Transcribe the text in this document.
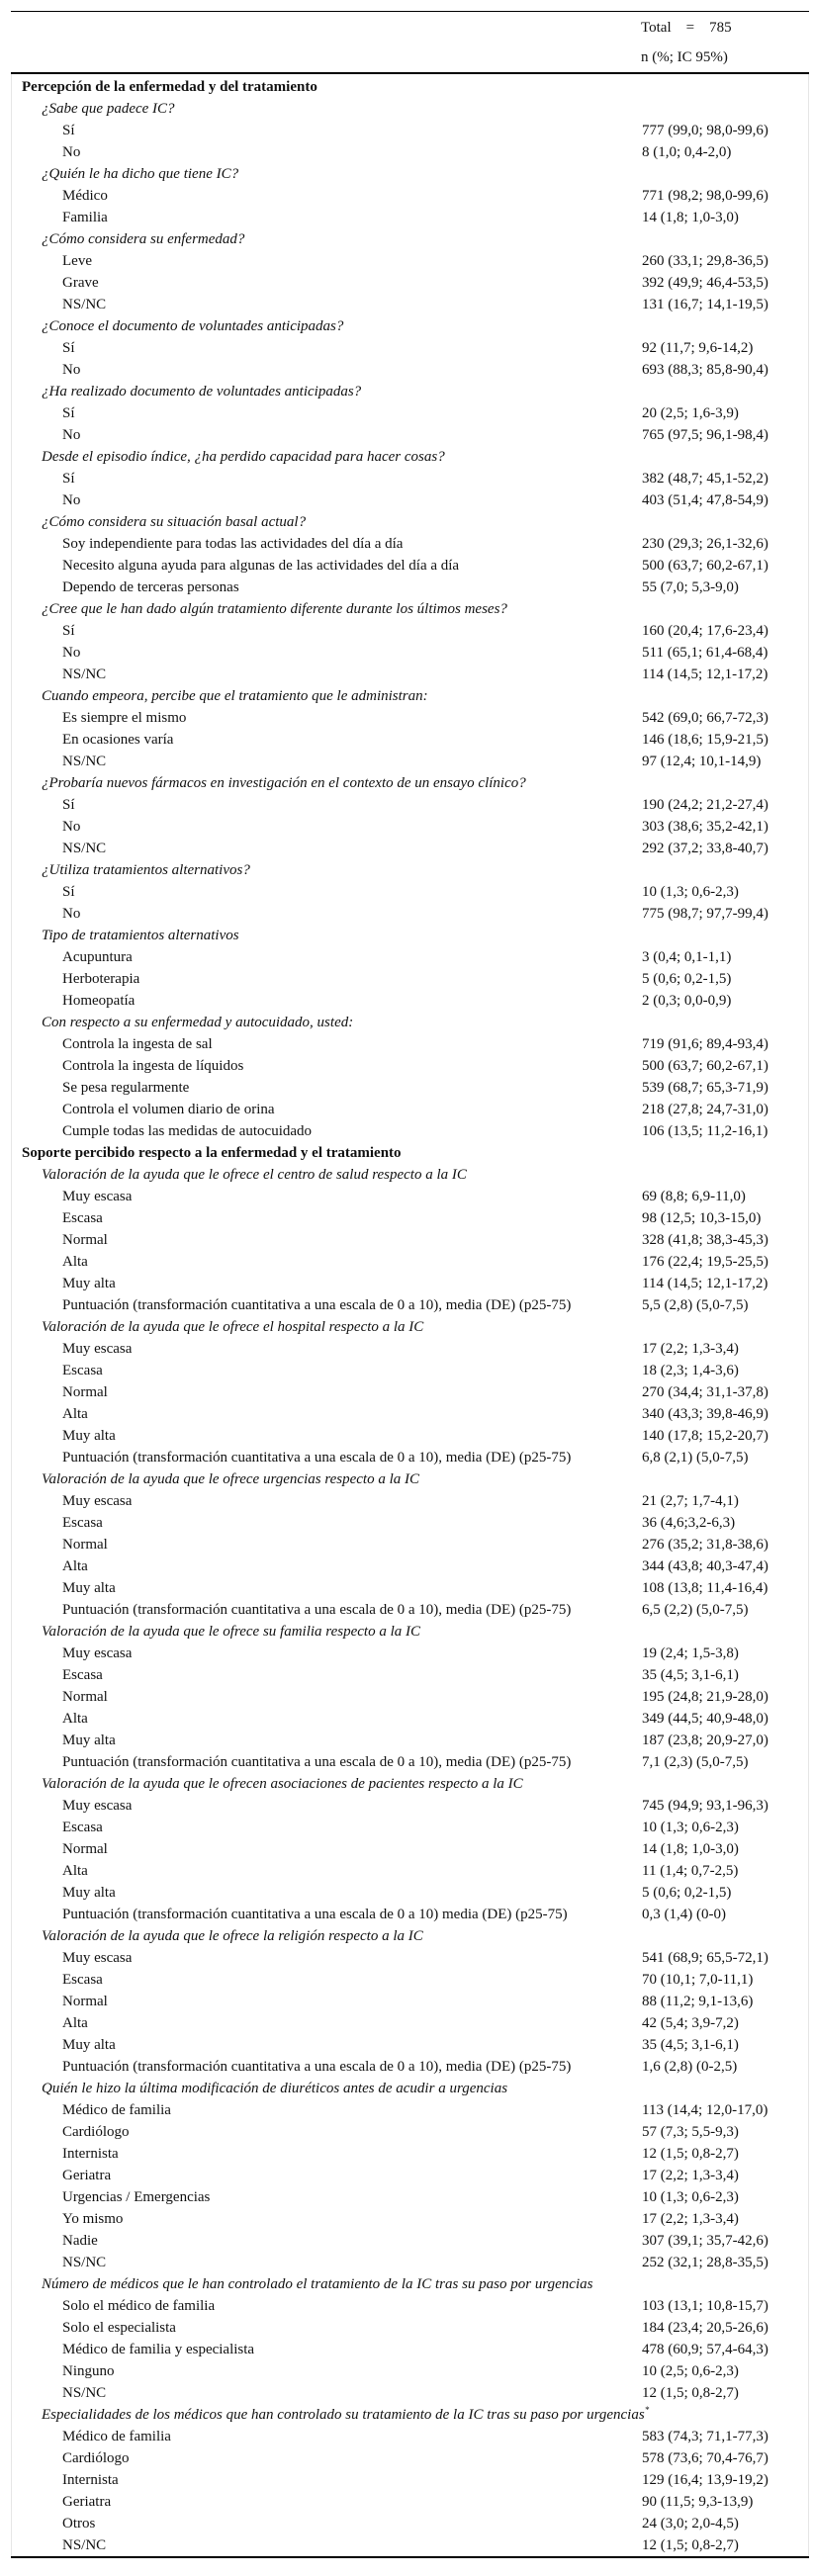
Total    =    785
n (%; IC 95%)
Percepción de la enfermedad y del tratamiento
¿Sabe que padece IC?
Sí	777 (99,0; 98,0-99,6)
No	8 (1,0; 0,4-2,0)
¿Quién le ha dicho que tiene IC?
Médico	771 (98,2; 98,0-99,6)
Familia	14 (1,8; 1,0-3,0)
¿Cómo considera su enfermedad?
Leve	260 (33,1; 29,8-36,5)
Grave	392 (49,9; 46,4-53,5)
NS/NC	131 (16,7; 14,1-19,5)
¿Conoce el documento de voluntades anticipadas?
Sí	92 (11,7; 9,6-14,2)
No	693 (88,3; 85,8-90,4)
¿Ha realizado documento de voluntades anticipadas?
Sí	20 (2,5; 1,6-3,9)
No	765 (97,5; 96,1-98,4)
Desde el episodio índice, ¿ha perdido capacidad para hacer cosas?
Sí	382 (48,7; 45,1-52,2)
No	403 (51,4; 47,8-54,9)
¿Cómo considera su situación basal actual?
Soy independiente para todas las actividades del día a día	230 (29,3; 26,1-32,6)
Necesito alguna ayuda para algunas de las actividades del día a día	500 (63,7; 60,2-67,1)
Dependo de terceras personas	55 (7,0; 5,3-9,0)
¿Cree que le han dado algún tratamiento diferente durante los últimos meses?
Sí	160 (20,4; 17,6-23,4)
No	511 (65,1; 61,4-68,4)
NS/NC	114 (14,5; 12,1-17,2)
Cuando empeora, percibe que el tratamiento que le administran:
Es siempre el mismo	542 (69,0; 66,7-72,3)
En ocasiones varía	146 (18,6; 15,9-21,5)
NS/NC	97 (12,4; 10,1-14,9)
¿Probaría nuevos fármacos en investigación en el contexto de un ensayo clínico?
Sí	190 (24,2; 21,2-27,4)
No	303 (38,6; 35,2-42,1)
NS/NC	292 (37,2; 33,8-40,7)
¿Utiliza tratamientos alternativos?
Sí	10 (1,3; 0,6-2,3)
No	775 (98,7; 97,7-99,4)
Tipo de tratamientos alternativos
Acupuntura	3 (0,4; 0,1-1,1)
Herboterapia	5 (0,6; 0,2-1,5)
Homeopatía	2 (0,3; 0,0-0,9)
Con respecto a su enfermedad y autocuidado, usted:
Controla la ingesta de sal	719 (91,6; 89,4-93,4)
Controla la ingesta de líquidos	500 (63,7; 60,2-67,1)
Se pesa regularmente	539 (68,7; 65,3-71,9)
Controla el volumen diario de orina	218 (27,8; 24,7-31,0)
Cumple todas las medidas de autocuidado	106 (13,5; 11,2-16,1)
Soporte percibido respecto a la enfermedad y el tratamiento
Valoración de la ayuda que le ofrece el centro de salud respecto a la IC
Muy escasa	69 (8,8; 6,9-11,0)
Escasa	98 (12,5; 10,3-15,0)
Normal	328 (41,8; 38,3-45,3)
Alta	176 (22,4; 19,5-25,5)
Muy alta	114 (14,5; 12,1-17,2)
Puntuación (transformación cuantitativa a una escala de 0 a 10), media (DE) (p25-75)	5,5 (2,8) (5,0-7,5)
Valoración de la ayuda que le ofrece el hospital respecto a la IC
Muy escasa	17 (2,2; 1,3-3,4)
Escasa	18 (2,3; 1,4-3,6)
Normal	270 (34,4; 31,1-37,8)
Alta	340 (43,3; 39,8-46,9)
Muy alta	140 (17,8; 15,2-20,7)
Puntuación (transformación cuantitativa a una escala de 0 a 10), media (DE) (p25-75)	6,8 (2,1) (5,0-7,5)
Valoración de la ayuda que le ofrece urgencias respecto a la IC
Muy escasa	21 (2,7; 1,7-4,1)
Escasa	36 (4,6;3,2-6,3)
Normal	276 (35,2; 31,8-38,6)
Alta	344 (43,8; 40,3-47,4)
Muy alta	108 (13,8; 11,4-16,4)
Puntuación (transformación cuantitativa a una escala de 0 a 10), media (DE) (p25-75)	6,5 (2,2) (5,0-7,5)
Valoración de la ayuda que le ofrece su familia respecto a la IC
Muy escasa	19 (2,4; 1,5-3,8)
Escasa	35 (4,5; 3,1-6,1)
Normal	195 (24,8; 21,9-28,0)
Alta	349 (44,5; 40,9-48,0)
Muy alta	187 (23,8; 20,9-27,0)
Puntuación (transformación cuantitativa a una escala de 0 a 10), media (DE) (p25-75)	7,1 (2,3) (5,0-7,5)
Valoración de la ayuda que le ofrecen asociaciones de pacientes respecto a la IC
Muy escasa	745 (94,9; 93,1-96,3)
Escasa	10 (1,3; 0,6-2,3)
Normal	14 (1,8; 1,0-3,0)
Alta	11 (1,4; 0,7-2,5)
Muy alta	5 (0,6; 0,2-1,5)
Puntuación (transformación cuantitativa a una escala de 0 a 10) media (DE) (p25-75)	0,3 (1,4) (0-0)
Valoración de la ayuda que le ofrece la religión respecto a la IC
Muy escasa	541 (68,9; 65,5-72,1)
Escasa	70 (10,1; 7,0-11,1)
Normal	88 (11,2; 9,1-13,6)
Alta	42 (5,4; 3,9-7,2)
Muy alta	35 (4,5; 3,1-6,1)
Puntuación (transformación cuantitativa a una escala de 0 a 10), media (DE) (p25-75)	1,6 (2,8) (0-2,5)
Quién le hizo la última modificación de diuréticos antes de acudir a urgencias
Médico de familia	113 (14,4; 12,0-17,0)
Cardiólogo	57 (7,3; 5,5-9,3)
Internista	12 (1,5; 0,8-2,7)
Geriatra	17 (2,2; 1,3-3,4)
Urgencias / Emergencias	10 (1,3; 0,6-2,3)
Yo mismo	17 (2,2; 1,3-3,4)
Nadie	307 (39,1; 35,7-42,6)
NS/NC	252 (32,1; 28,8-35,5)
Número de médicos que le han controlado el tratamiento de la IC tras su paso por urgencias
Solo el médico de familia	103 (13,1; 10,8-15,7)
Solo el especialista	184 (23,4; 20,5-26,6)
Médico de familia y especialista	478 (60,9; 57,4-64,3)
Ninguno	10 (2,5; 0,6-2,3)
NS/NC	12 (1,5; 0,8-2,7)
Especialidades de los médicos que han controlado su tratamiento de la IC tras su paso por urgencias*
Médico de familia	583 (74,3; 71,1-77,3)
Cardiólogo	578 (73,6; 70,4-76,7)
Internista	129 (16,4; 13,9-19,2)
Geriatra	90 (11,5; 9,3-13,9)
Otros	24 (3,0; 2,0-4,5)
NS/NC	12 (1,5; 0,8-2,7)
